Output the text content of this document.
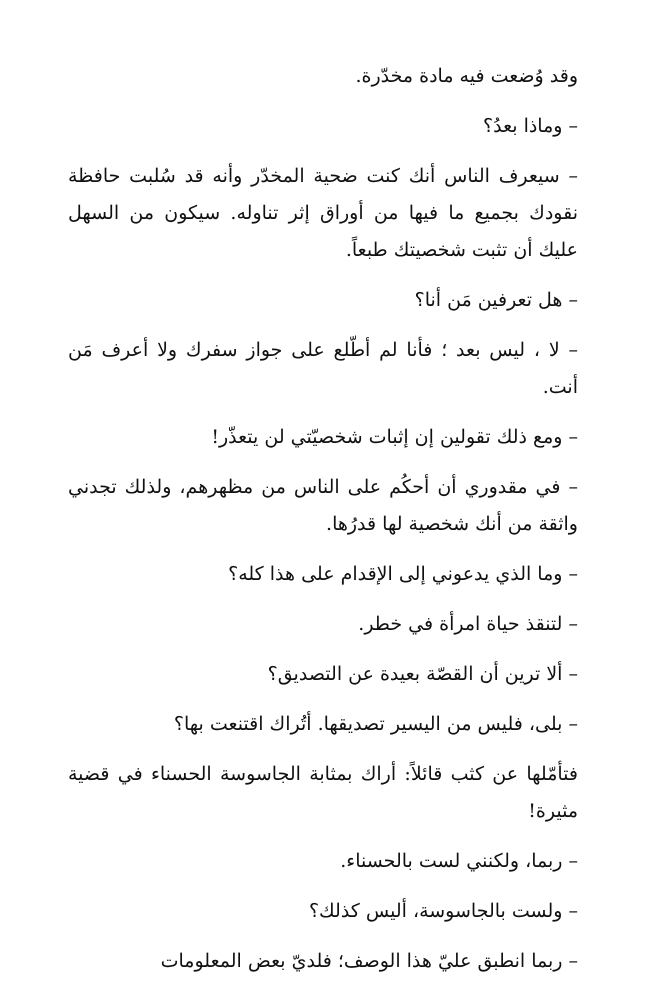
وقد وُضعت فيه مادة مخدّرة.

– وماذا بعدُ؟

– سيعرف الناس أنك كنت ضحية المخدّر وأنه قد سُلبت حافظة نقودك بجميع ما فيها من أوراق إثر تناوله. سيكون من السهل عليك أن تثبت شخصيتك طبعاً.

– هل تعرفين مَن أنا؟

– لا ، ليس بعد ؛ فأنا لم أطّلع على جواز سفرك ولا أعرف مَن أنت.

– ومع ذلك تقولين إن إثبات شخصيّتي لن يتعذّر!

– في مقدوري أن أحكُم على الناس من مظهرهم، ولذلك تجدني واثقة من أنك شخصية لها قدرُها.

– وما الذي يدعوني إلى الإقدام على هذا كله؟

– لتنقذ حياة امرأة في خطر.

– ألا ترين أن القصّة بعيدة عن التصديق؟

– بلى، فليس من اليسير تصديقها. أتُراك اقتنعت بها؟

فتأمّلها عن كثب قائلاً: أراك بمثابة الجاسوسة الحسناء في قضية مثيرة!

– ربما، ولكنني لست بالحسناء.

– ولست بالجاسوسة، أليس كذلك؟

– ربما انطبق عليّ هذا الوصف؛ فلديّ بعض المعلومات
